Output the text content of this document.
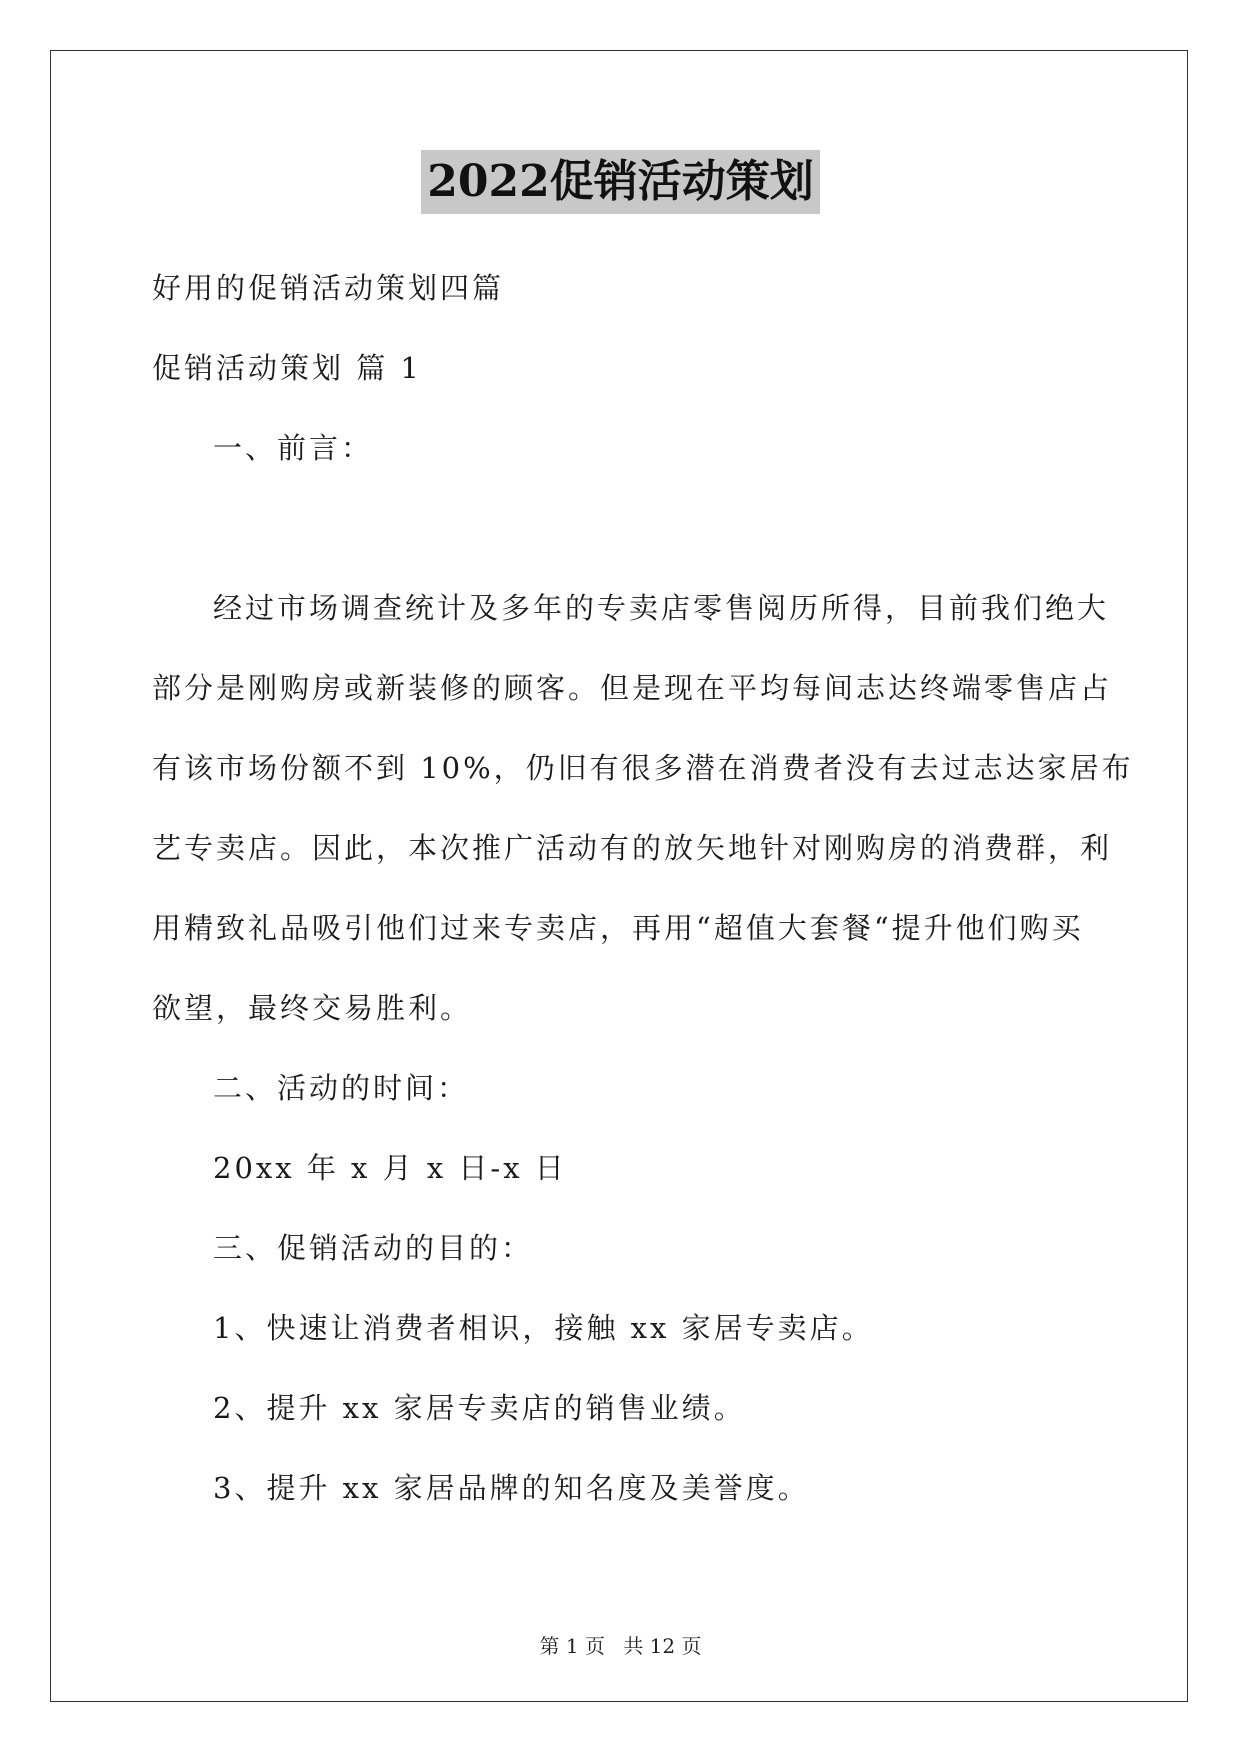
2022促销活动策划
好用的促销活动策划四篇
促销活动策划 篇 1
一、前言：
经过市场调查统计及多年的专卖店零售阅历所得，目前我们绝大
部分是刚购房或新装修的顾客。但是现在平均每间志达终端零售店占
有该市场份额不到 10%，仍旧有很多潜在消费者没有去过志达家居布
艺专卖店。因此，本次推广活动有的放矢地针对刚购房的消费群，利
用精致礼品吸引他们过来专卖店，再用“超值大套餐“提升他们购买
欲望，最终交易胜利。
二、活动的时间：
20xx 年 x 月 x 日-x 日
三、促销活动的目的：
1、快速让消费者相识，接触 xx 家居专卖店。
2、提升 xx 家居专卖店的销售业绩。
3、提升 xx 家居品牌的知名度及美誉度。
第 1 页 共 12 页
